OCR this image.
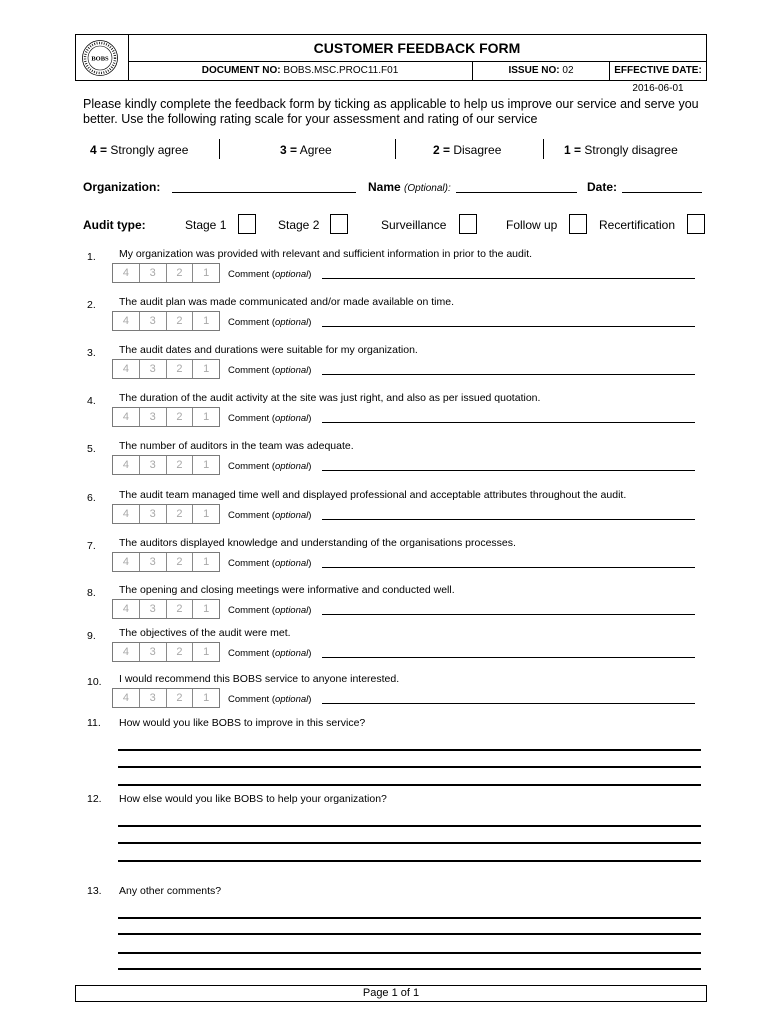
BOBS
CUSTOMER FEEDBACK FORM
DOCUMENT NO: BOBS.MSC.PROC11.F01	ISSUE NO: 02	EFFECTIVE DATE: 2016-06-01
Please kindly complete the feedback form by ticking as applicable to help us improve our service and serve you better. Use the following rating scale for your assessment and rating of our service
4 = Strongly agree	3 = Agree	2 = Disagree	1 = Strongly disagree
Organization:	Name (Optional):	Date:
Audit type:	Stage 1	Stage 2	Surveillance	Follow up	Recertification
1. My organization was provided with relevant and sufficient information in prior to the audit.
4	3	2	1	Comment (optional)
2. The audit plan was made communicated and/or made available on time.
4	3	2	1	Comment (optional)
3. The audit dates and durations were suitable for my organization.
4	3	2	1	Comment (optional)
4. The duration of the audit activity at the site was just right, and also as per issued quotation.
4	3	2	1	Comment (optional)
5. The number of auditors in the team was adequate.
4	3	2	1	Comment (optional)
6. The audit team managed time well and displayed professional and acceptable attributes throughout the audit.
4	3	2	1	Comment (optional)
7. The auditors displayed knowledge and understanding of the organisations processes.
4	3	2	1	Comment (optional)
8. The opening and closing meetings were informative and conducted well.
4	3	2	1	Comment (optional)
9. The objectives of the audit were met.
4	3	2	1	Comment (optional)
10. I would recommend this BOBS service to anyone interested.
4	3	2	1	Comment (optional)
11. How would you like BOBS to improve in this service?
12. How else would you like BOBS to help your organization?
13. Any other comments?
Page 1 of 1
